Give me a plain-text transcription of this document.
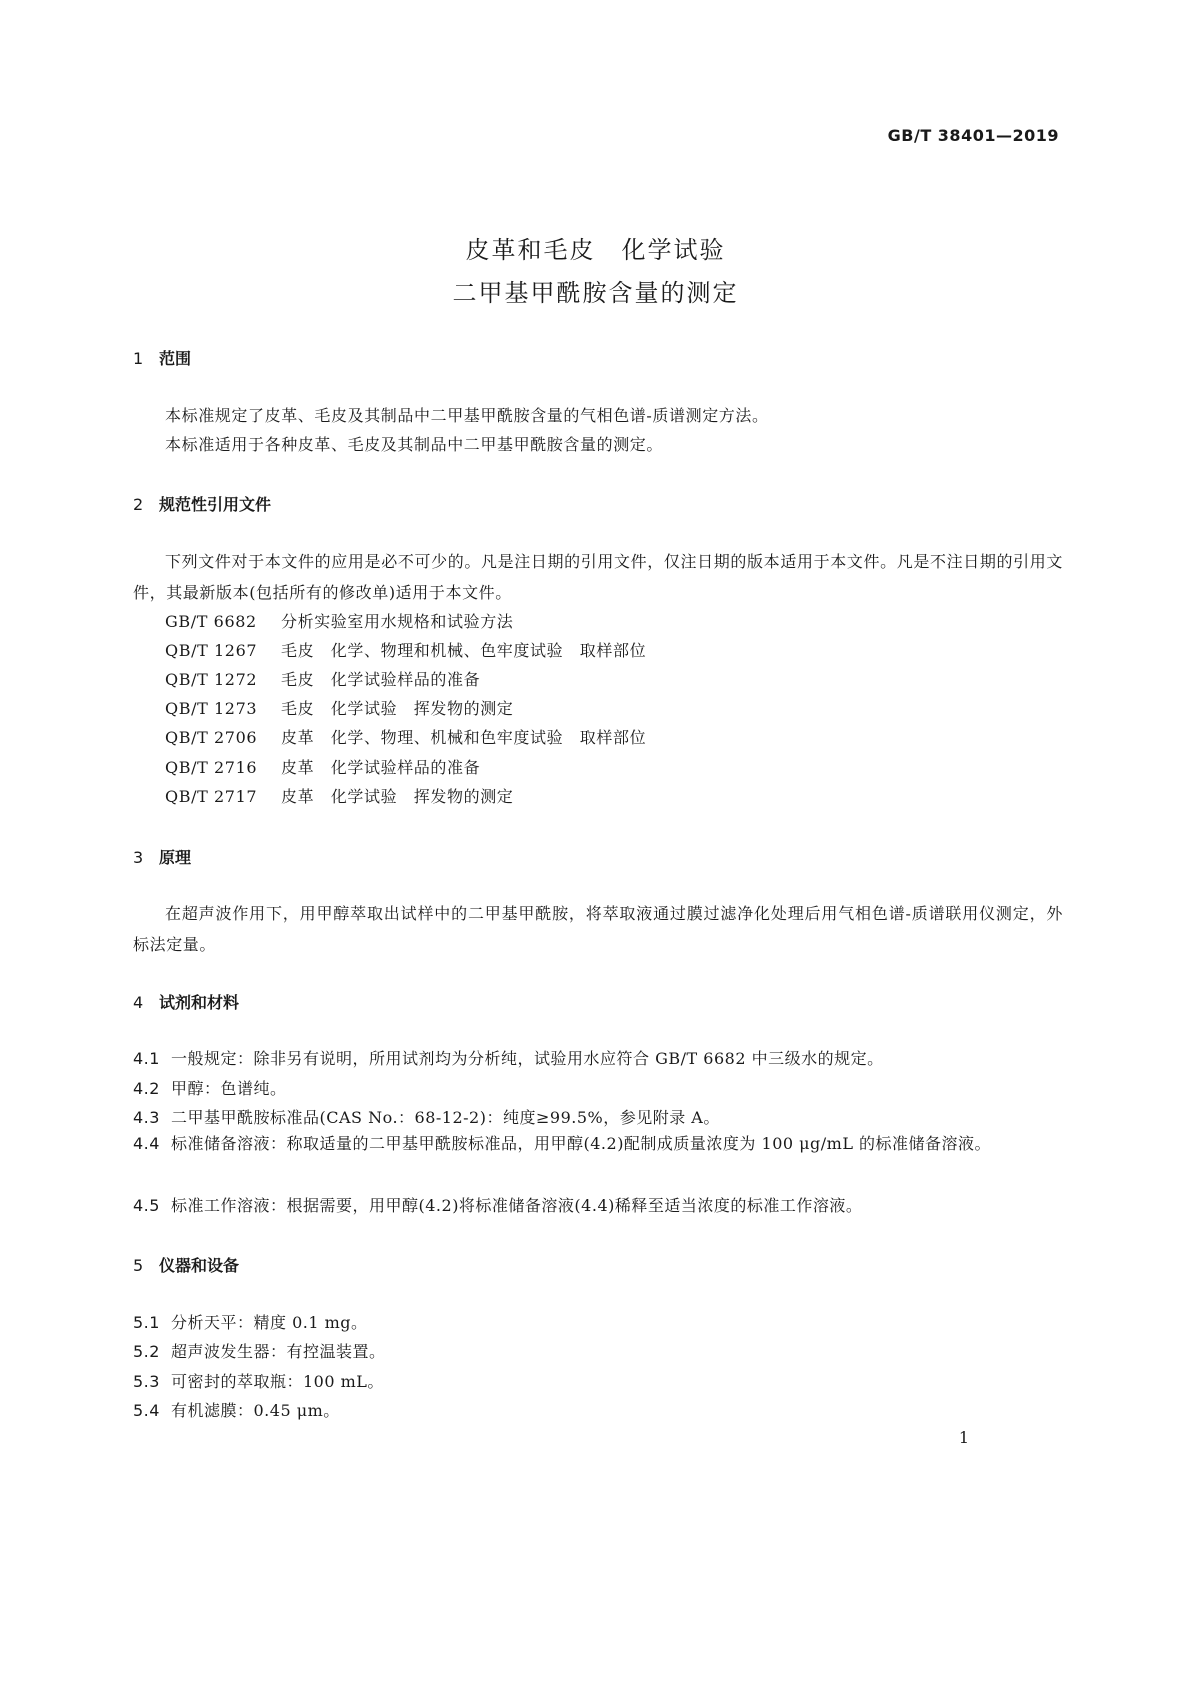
GB/T 38401—2019
皮革和毛皮　化学试验
二甲基甲酰胺含量的测定
1 范围
本标准规定了皮革、毛皮及其制品中二甲基甲酰胺含量的气相色谱-质谱测定方法。
本标准适用于各种皮革、毛皮及其制品中二甲基甲酰胺含量的测定。
2 规范性引用文件
下列文件对于本文件的应用是必不可少的。凡是注日期的引用文件，仅注日期的版本适用于本文件。凡是不注日期的引用文件，其最新版本(包括所有的修改单)适用于本文件。
GB/T 6682 分析实验室用水规格和试验方法
QB/T 1267 毛皮　化学、物理和机械、色牢度试验　取样部位
QB/T 1272 毛皮　化学试验样品的准备
QB/T 1273 毛皮　化学试验　挥发物的测定
QB/T 2706 皮革　化学、物理、机械和色牢度试验　取样部位
QB/T 2716 皮革　化学试验样品的准备
QB/T 2717 皮革　化学试验　挥发物的测定
3 原理
在超声波作用下，用甲醇萃取出试样中的二甲基甲酰胺，将萃取液通过膜过滤净化处理后用气相色谱-质谱联用仪测定，外标法定量。
4 试剂和材料
4.1 一般规定：除非另有说明，所用试剂均为分析纯，试验用水应符合 GB/T 6682 中三级水的规定。
4.2 甲醇：色谱纯。
4.3 二甲基甲酰胺标准品(CAS No.：68-12-2)：纯度≥99.5%，参见附录 A。
4.4 标准储备溶液：称取适量的二甲基甲酰胺标准品，用甲醇(4.2)配制成质量浓度为 100 μg/mL 的标准储备溶液。
4.5 标准工作溶液：根据需要，用甲醇(4.2)将标准储备溶液(4.4)稀释至适当浓度的标准工作溶液。
5 仪器和设备
5.1 分析天平：精度 0.1 mg。
5.2 超声波发生器：有控温装置。
5.3 可密封的萃取瓶：100 mL。
5.4 有机滤膜：0.45 μm。
1
